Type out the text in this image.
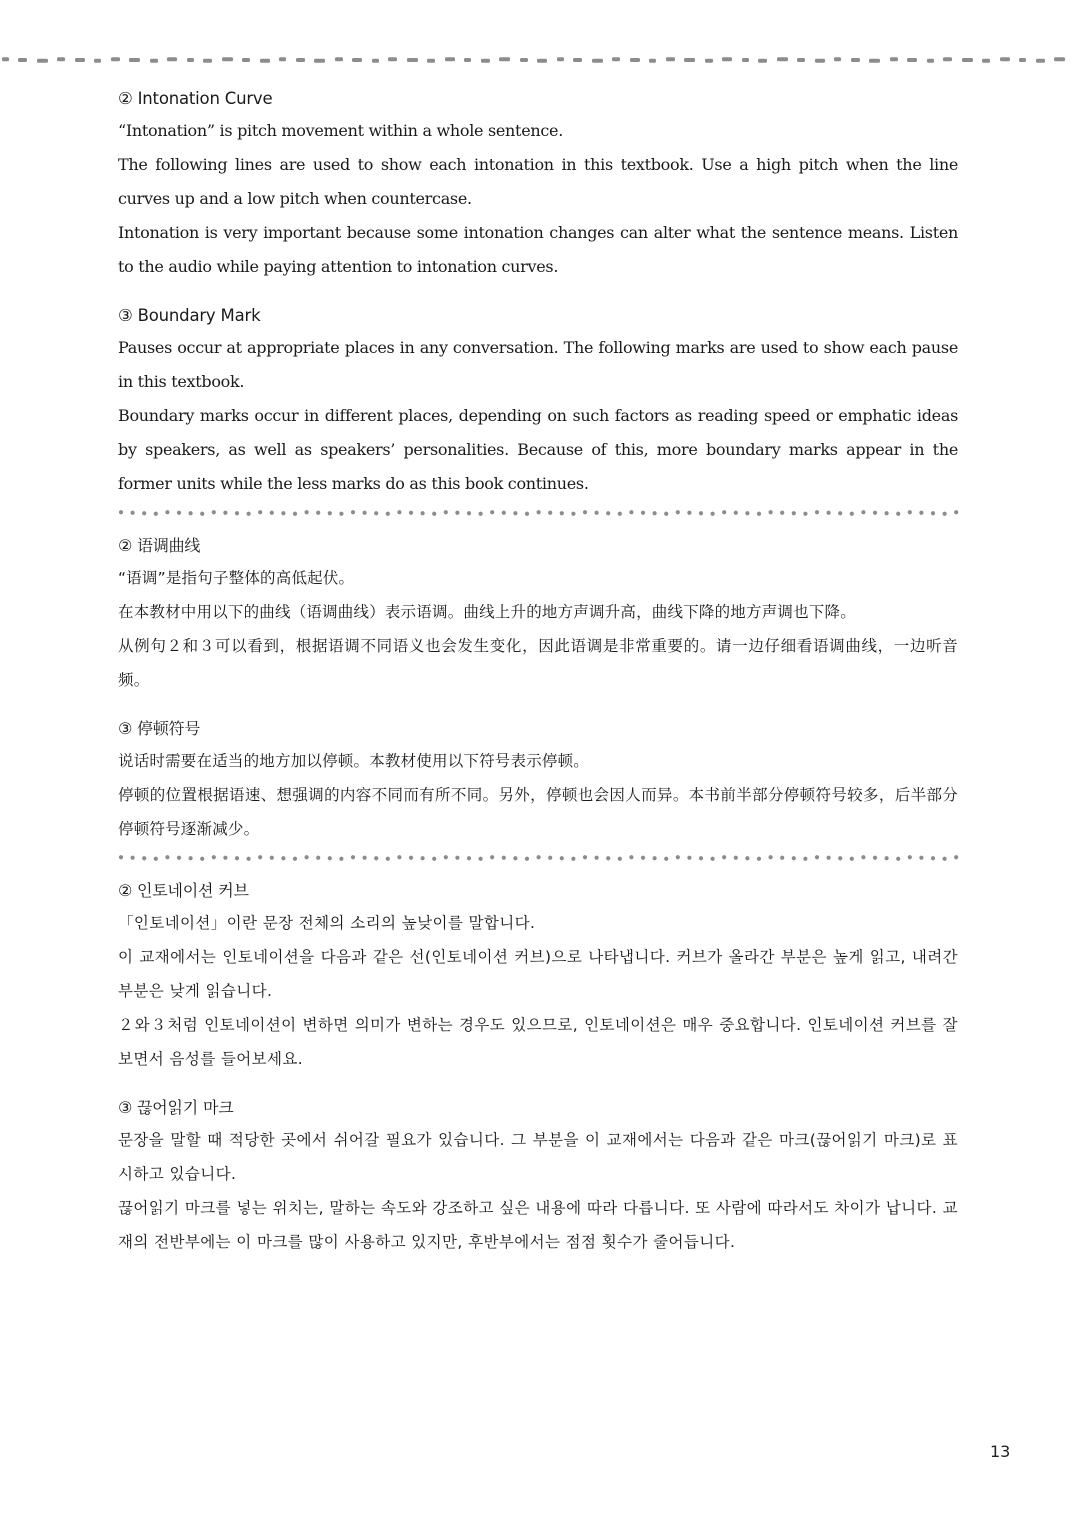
② Intonation Curve

“Intonation” is pitch movement within a whole sentence.

The following lines are used to show each intonation in this textbook. Use a high pitch when the line curves up and a low pitch when countercase.

Intonation is very important because some intonation changes can alter what the sentence means. Listen to the audio while paying attention to intonation curves.

③ Boundary Mark

Pauses occur at appropriate places in any conversation. The following marks are used to show each pause in this textbook.

Boundary marks occur in different places, depending on such factors as reading speed or emphatic ideas by speakers, as well as speakers’ personalities. Because of this, more boundary marks appear in the former units while the less marks do as this book continues.

② 语调曲线

“语调”是指句子整体的高低起伏。

在本教材中用以下的曲线（语调曲线）表示语调。曲线上升的地方声调升高，曲线下降的地方声调也下降。

从例句２和３可以看到，根据语调不同语义也会发生变化，因此语调是非常重要的。请一边仔细看语调曲线，一边听音频。

③ 停顿符号

说话时需要在适当的地方加以停顿。本教材使用以下符号表示停顿。

停顿的位置根据语速、想强调的内容不同而有所不同。另外，停顿也会因人而异。本书前半部分停顿符号较多，后半部分停顿符号逐渐减少。

② 인토네이션 커브

「인토네이션」이란 문장 전체의 소리의 높낮이를 말합니다.

이 교재에서는 인토네이션을 다음과 같은 선(인토네이션 커브)으로 나타냅니다. 커브가 올라간 부분은 높게 읽고, 내려간 부분은 낮게 읽습니다.

２와３처럼 인토네이션이 변하면 의미가 변하는 경우도 있으므로, 인토네이션은 매우 중요합니다. 인토네이션 커브를 잘 보면서 음성를 들어보세요.

③ 끊어읽기 마크

문장을 말할 때 적당한 곳에서 쉬어갈 필요가 있습니다. 그 부분을 이 교재에서는 다음과 같은 마크(끊어읽기 마크)로 표시하고 있습니다.

끊어읽기 마크를 넣는 위치는, 말하는 속도와 강조하고 싶은 내용에 따라 다릅니다. 또 사람에 따라서도 차이가 납니다. 교재의 전반부에는 이 마크를 많이 사용하고 있지만, 후반부에서는 점점 횟수가 줄어듭니다.

13
